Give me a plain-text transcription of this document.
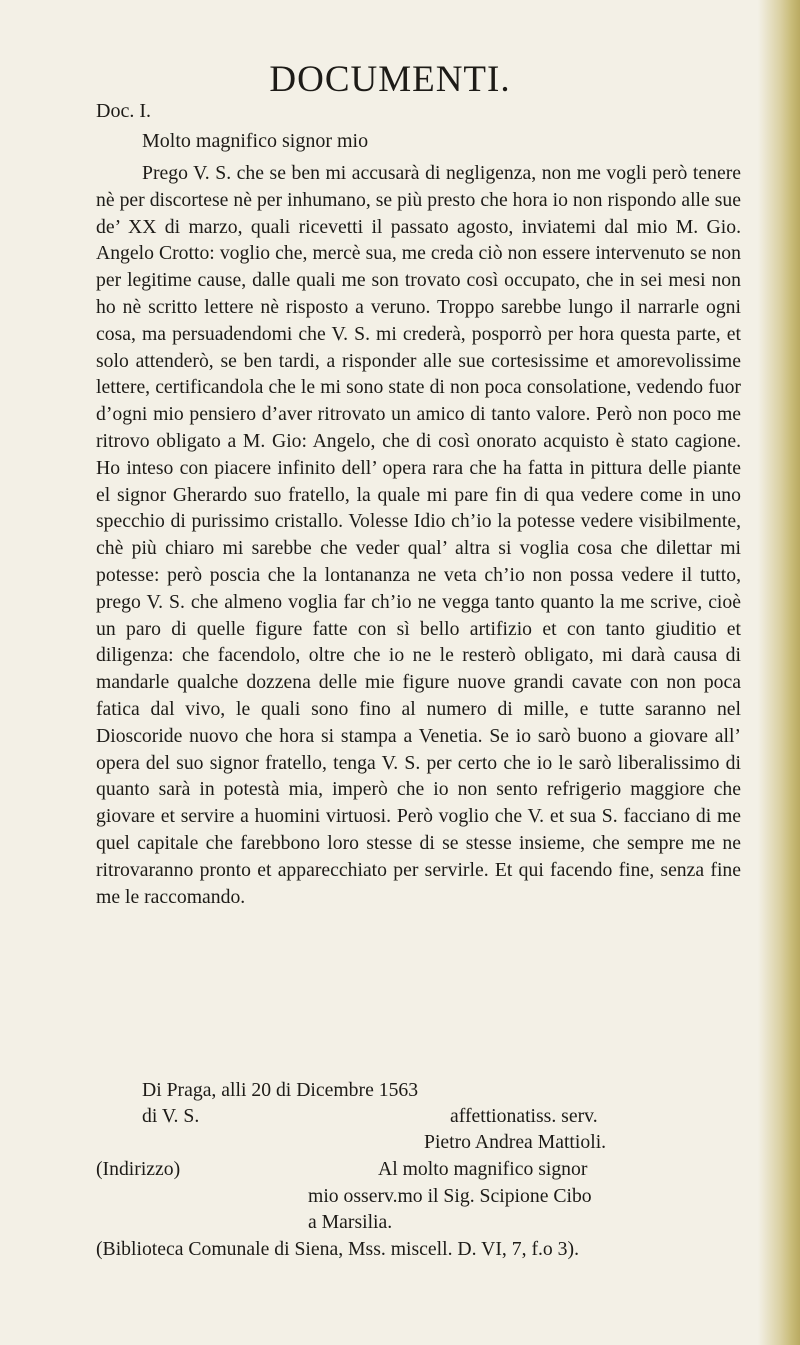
DOCUMENTI.

Doc. I.

Molto magnifico signor mio

Prego V. S. che se ben mi accusarà di negligenza, non me vogli però tenere nè per discortese nè per inhumano, se più presto che hora io non rispondo alle sue de’ XX di marzo, quali ricevetti il passato agosto, inviatemi dal mio M. Gio. Angelo Crotto: voglio che, mercè sua, me creda ciò non essere intervenuto se non per legitime cause, dalle quali me son trovato così occupato, che in sei mesi non ho nè scritto lettere nè risposto a veruno. Troppo sarebbe lungo il narrarle ogni cosa, ma persuadendomi che V. S. mi crederà, posporrò per hora questa parte, et solo attenderò, se ben tardi, a risponder alle sue cortesissime et amorevolissime lettere, certificandola che le mi sono state di non poca consolatione, vedendo fuor d’ogni mio pensiero d’aver ritrovato un amico di tanto valore. Però non poco me ritrovo obligato a M. Gio: Angelo, che di così onorato acquisto è stato cagione. Ho inteso con piacere infinito dell’ opera rara che ha fatta in pittura delle piante el signor Gherardo suo fratello, la quale mi pare fin di qua vedere come in uno specchio di purissimo cristallo. Volesse Idio ch’io la potesse vedere visibilmente, chè più chiaro mi sarebbe che veder qual’ altra si voglia cosa che dilettar mi potesse: però poscia che la lontananza ne veta ch’io non possa vedere il tutto, prego V. S. che almeno voglia far ch’io ne vegga tanto quanto la me scrive, cioè un paro di quelle figure fatte con sì bello artifizio et con tanto giuditio et diligenza: che facendolo, oltre che io ne le resterò obligato, mi darà causa di mandarle qualche dozzena delle mie figure nuove grandi cavate con non poca fatica dal vivo, le quali sono fino al numero di mille, e tutte saranno nel Dioscoride nuovo che hora si stampa a Venetia. Se io sarò buono a giovare all’ opera del suo signor fratello, tenga V. S. per certo che io le sarò liberalissimo di quanto sarà in potestà mia, imperò che io non sento refrigerio maggiore che giovare et servire a huomini virtuosi. Però voglio che V. et sua S. facciano di me quel capitale che farebbono loro stesse di se stesse insieme, che sempre me ne ritrovaranno pronto et apparecchiato per servirle. Et qui facendo fine, senza fine me le raccomando.

Di Praga, alli 20 di Dicembre 1563

di V. S.	affettionatiss. serv.

Pietro Andrea Mattioli.

(Indirizzo)	Al molto magnifico signor

mio osserv.mo il Sig. Scipione Cibo

a Marsilia.

(Biblioteca Comunale di Siena, Mss. miscell. D. VI, 7, f.o 3).
